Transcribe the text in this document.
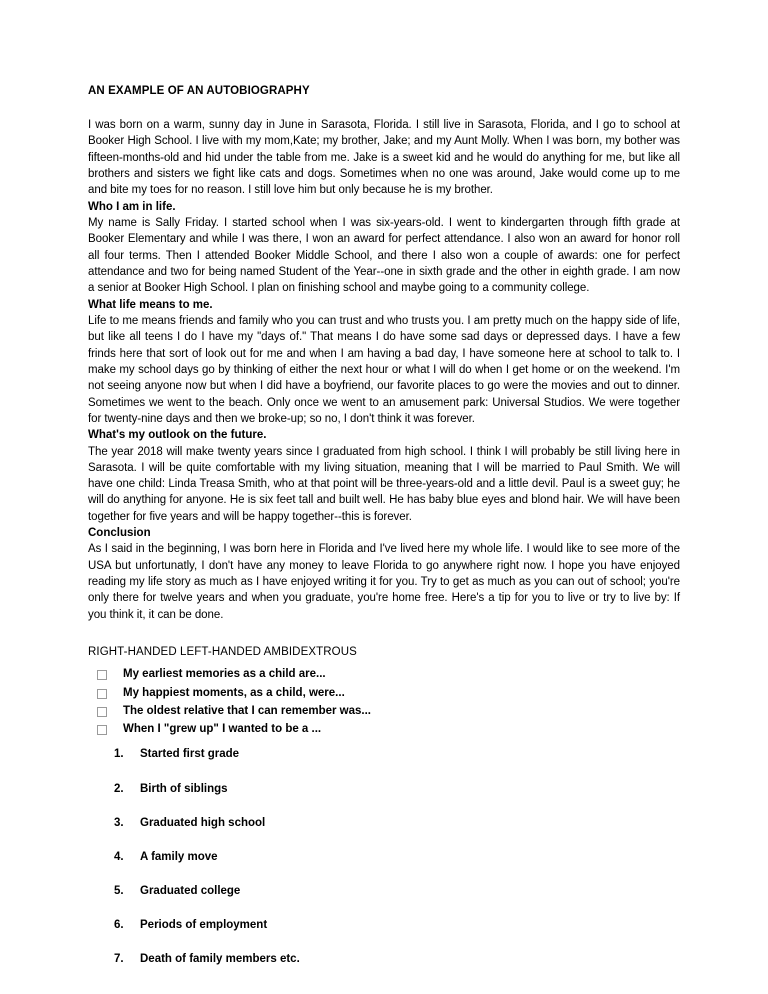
AN EXAMPLE OF AN AUTOBIOGRAPHY

I was born on a warm, sunny day in June in Sarasota, Florida. I still live in Sarasota, Florida, and I go to school at Booker High School. I live with my mom,Kate; my brother, Jake; and my Aunt Molly. When I was born, my bother was fifteen-months-old and hid under the table from me. Jake is a sweet kid and he would do anything for me, but like all brothers and sisters we fight like cats and dogs. Sometimes when no one was around, Jake would come up to me and bite my toes for no reason. I still love him but only because he is my brother.

Who I am in life.

My name is Sally Friday. I started school when I was six-years-old. I went to kindergarten through fifth grade at Booker Elementary and while I was there, I won an award for perfect attendance. I also won an award for honor roll all four terms. Then I attended Booker Middle School, and there I also won a couple of awards: one for perfect attendance and two for being named Student of the Year--one in sixth grade and the other in eighth grade. I am now a senior at Booker High School. I plan on finishing school and maybe going to a community college.

What life means to me.

Life to me means friends and family who you can trust and who trusts you. I am pretty much on the happy side of life, but like all teens I do I have my "days of." That means I do have some sad days or depressed days. I have a few frinds here that sort of look out for me and when I am having a bad day, I have someone here at school to talk to. I make my school days go by thinking of either the next hour or what I will do when I get home or on the weekend. I'm not seeing anyone now but when I did have a boyfriend, our favorite places to go were the movies and out to dinner. Sometimes we went to the beach. Only once we went to an amusement park: Universal Studios. We were together for twenty-nine days and then we broke-up; so no, I don't think it was forever.

What's my outlook on the future.

The year 2018 will make twenty years since I graduated from high school. I think I will probably be still living here in Sarasota. I will be quite comfortable with my living situation, meaning that I will be married to Paul Smith. We will have one child: Linda Treasa Smith, who at that point will be three-years-old and a little devil. Paul is a sweet guy; he will do anything for anyone. He is six feet tall and built well. He has baby blue eyes and blond hair. We will have been together for five years and will be happy together--this is forever.

Conclusion

As I said in the beginning, I was born here in Florida and I've lived here my whole life. I would like to see more of the USA but unfortunatly, I don't have any money to leave Florida to go anywhere right now. I hope you have enjoyed reading my life story as much as I have enjoyed writing it for you. Try to get as much as you can out of school; you're only there for twelve years and when you graduate, you're home free. Here's a tip for you to live or try to live by: If you think it, it can be done.

RIGHT-HANDED LEFT-HANDED AMBIDEXTROUS

My earliest memories as a child are...
My happiest moments, as a child, were...
The oldest relative that I can remember was...
When I "grew up" I wanted to be a ...
1.	Started first grade
2.	Birth of siblings
3.	Graduated high school
4.	A family move
5.	Graduated college
6.	Periods of employment
7.	Death of family members etc.
